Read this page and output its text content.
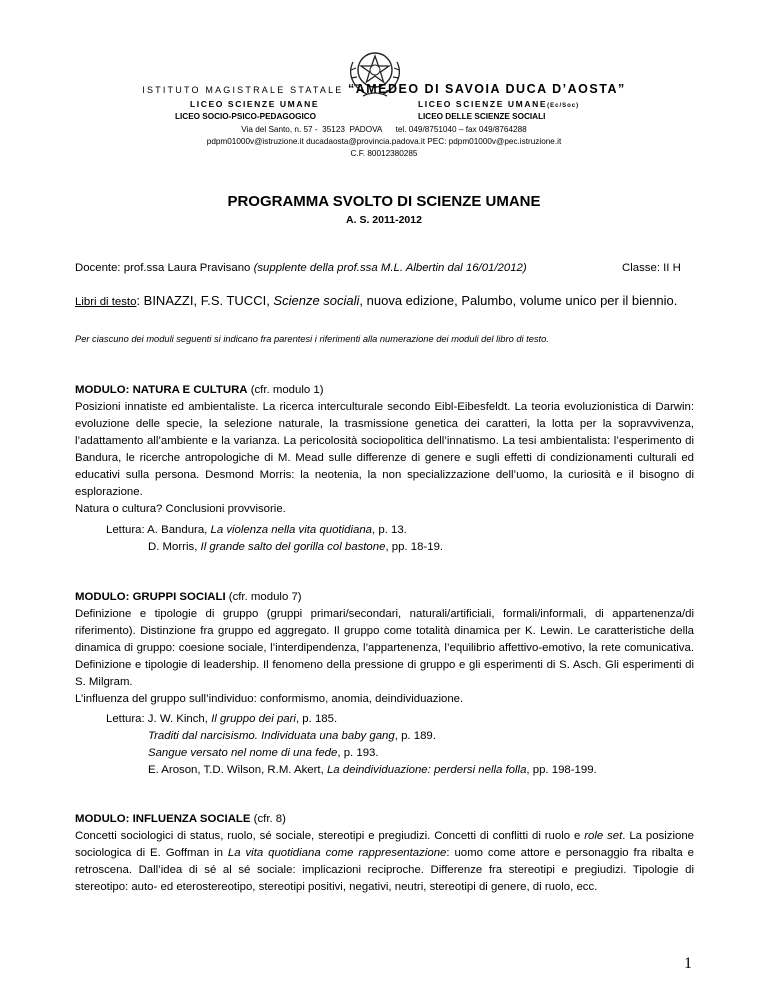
ISTITUTO MAGISTRALE STATALE “AMEDEO DI SAVOIA DUCA D’AOSTA”
LICEO SCIENZE UMANE	LICEO SCIENZE UMANE(Ec/Soc)
LICEO SOCIO-PSICO-PEDAGOGICO	LICEO DELLE SCIENZE SOCIALI
Via del Santo, n. 57 -  35123  PADOVA      tel. 049/8751040 – fax 049/8764288
pdpm01000v@istruzione.it ducadaosta@provincia.padova.it PEC: pdpm01000v@pec.istruzione.it
C.F. 80012380285
PROGRAMMA SVOLTO DI SCIENZE UMANE
A. S. 2011-2012
Docente: prof.ssa Laura Pravisano (supplente della prof.ssa M.L. Albertin dal 16/01/2012)	Classe: II H
Libri di testo: BINAZZI, F.S. TUCCI, Scienze sociali, nuova edizione, Palumbo, volume unico per il biennio.
Per ciascuno dei moduli seguenti si indicano fra parentesi i riferimenti alla numerazione dei moduli del libro di testo.
MODULO: NATURA E CULTURA (cfr. modulo 1)
Posizioni innatiste ed ambientaliste. La ricerca interculturale secondo Eibl-Eibesfeldt. La teoria evoluzionistica di Darwin: evoluzione delle specie, la selezione naturale, la trasmissione genetica dei caratteri, la lotta per la sopravvivenza, l’adattamento all’ambiente e la varianza. La pericolosità sociopolitica dell’innatismo. La tesi ambientalista: l’esperimento di Bandura, le ricerche antropologiche di M. Mead sulle differenze di genere e sugli effetti di condizionamenti culturali ed educativi sulla persona. Desmond Morris: la neotenia, la non specializzazione dell’uomo, la curiosità e il bisogno di esplorazione.
Natura o cultura? Conclusioni provvisorie.
Lettura: A. Bandura, La violenza nella vita quotidiana, p. 13.
D. Morris, Il grande salto del gorilla col bastone, pp. 18-19.
MODULO: GRUPPI SOCIALI (cfr. modulo 7)
Definizione e tipologie di gruppo (gruppi primari/secondari, naturali/artificiali, formali/informali, di appartenenza/di riferimento). Distinzione fra gruppo ed aggregato. Il gruppo come totalità dinamica per K. Lewin. Le caratteristiche della dinamica di gruppo: coesione sociale, l’interdipendenza, l’appartenenza, l’equilibrio affettivo-emotivo, la rete comunicativa. Definizione e tipologie di leadership. Il fenomeno della pressione di gruppo e gli esperimenti di S. Asch. Gli esperimenti di S. Milgram.
L’influenza del gruppo sull’individuo: conformismo, anomia, deindividuazione.
Lettura: J. W. Kinch, Il gruppo dei pari, p. 185.
Traditi dal narcisismo. Individuata una baby gang, p. 189.
Sangue versato nel nome di una fede, p. 193.
E. Aroson, T.D. Wilson, R.M. Akert, La deindividuazione: perdersi nella folla, pp. 198-199.
MODULO: INFLUENZA SOCIALE (cfr. 8)
Concetti sociologici di status, ruolo, sé sociale, stereotipi e pregiudizi. Concetti di conflitti di ruolo e role set. La posizione sociologica di E. Goffman in La vita quotidiana come rappresentazione: uomo come attore e personaggio fra ribalta e retroscena. Dall’idea di sé al sé sociale: implicazioni reciproche. Differenze fra stereotipi e pregiudizi. Tipologie di stereotipo: auto- ed eterostereotipo, stereotipi positivi, negativi, neutri, stereotipi di genere, di ruolo, ecc.
1
